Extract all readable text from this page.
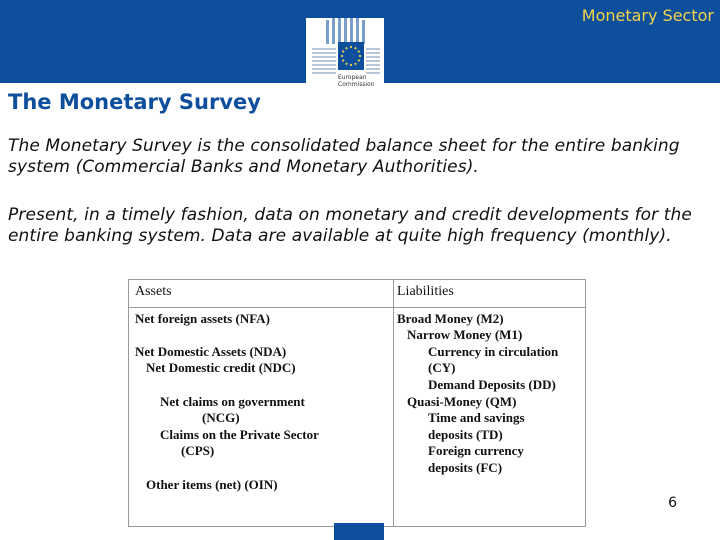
Monetary Sector
European
Commission
The Monetary Survey

The Monetary Survey is the consolidated balance sheet for the entire banking system (Commercial Banks and Monetary Authorities).

Present, in a timely fashion, data on monetary and credit developments for the entire banking system. Data are available at quite high frequency (monthly).

Assets	Liabilities
Net foreign assets (NFA)
Net Domestic Assets (NDA)
Net Domestic credit (NDC)
Net claims on government
(NCG)
Claims on the Private Sector
(CPS)
Other items (net) (OIN)
Broad Money (M2)
Narrow Money (M1)
Currency in circulation
(CY)
Demand Deposits (DD)
Quasi-Money (QM)
Time and savings
deposits (TD)
Foreign currency
deposits (FC)
6
